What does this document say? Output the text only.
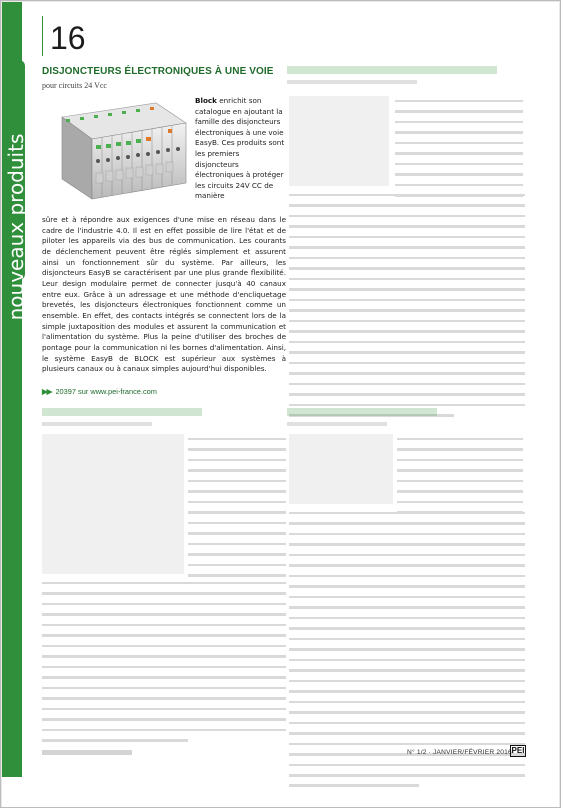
nouveaux produits
16
DISJONCTEURS ÉLECTRONIQUES À UNE VOIE
pour circuits 24 Vcc
Block enrichit son catalogue en ajoutant la famille des disjoncteurs électroniques à une voie EasyB. Ces produits sont les premiers disjoncteurs électroniques à protéger les circuits 24V CC de manière
sûre et à répondre aux exigences d'une mise en réseau dans le cadre de l'industrie 4.0. Il est en effet possible de lire l'état et de piloter les appareils via des bus de communication. Les courants de déclenchement peuvent être réglés simplement et assurent ainsi un fonctionnement sûr du système. Par ailleurs, les disjoncteurs EasyB se caractérisent par une plus grande flexibilité. Leur design modulaire permet de connecter jusqu'à 40 canaux entre eux. Grâce à un adressage et une méthode d'encliquetage brevetés, les disjoncteurs électroniques fonctionnent comme un ensemble. En effet, des contacts intégrés se connectent lors de la simple juxtaposition des modules et assurent la communication et l'alimentation du système. Plus la peine d'utiliser des broches de pontage pour la communication ni les bornes d'alimentation. Ainsi, le système EasyB de BLOCK est supérieur aux systèmes à plusieurs canaux ou à canaux simples aujourd'hui disponibles.
▶▶ 20397 sur www.pei-france.com
N° 1/2 · JANVIER/FÉVRIER 2016 PEI
